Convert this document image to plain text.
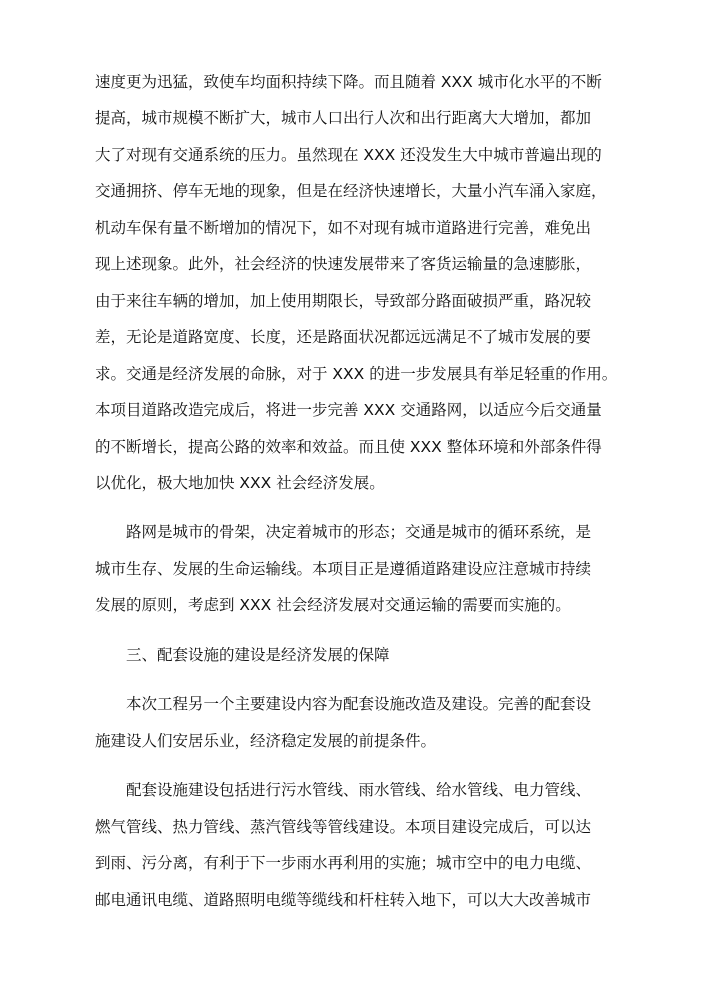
速度更为迅猛，致使车均面积持续下降。而且随着 XXX 城市化水平的不断
提高，城市规模不断扩大，城市人口出行人次和出行距离大大增加，都加
大了对现有交通系统的压力。虽然现在 XXX 还没发生大中城市普遍出现的
交通拥挤、停车无地的现象，但是在经济快速增长，大量小汽车涌入家庭，
机动车保有量不断增加的情况下，如不对现有城市道路进行完善，难免出
现上述现象。此外，社会经济的快速发展带来了客货运输量的急速膨胀，
由于来往车辆的增加，加上使用期限长，导致部分路面破损严重，路况较
差，无论是道路宽度、长度，还是路面状况都远远满足不了城市发展的要
求。交通是经济发展的命脉，对于 XXX 的进一步发展具有举足轻重的作用。
本项目道路改造完成后，将进一步完善 XXX 交通路网，以适应今后交通量
的不断增长，提高公路的效率和效益。而且使 XXX 整体环境和外部条件得
以优化，极大地加快 XXX 社会经济发展。
路网是城市的骨架，决定着城市的形态；交通是城市的循环系统，是
城市生存、发展的生命运输线。本项目正是遵循道路建设应注意城市持续
发展的原则，考虑到 XXX 社会经济发展对交通运输的需要而实施的。
三、配套设施的建设是经济发展的保障
本次工程另一个主要建设内容为配套设施改造及建设。完善的配套设
施建设人们安居乐业，经济稳定发展的前提条件。
配套设施建设包括进行污水管线、雨水管线、给水管线、电力管线、
燃气管线、热力管线、蒸汽管线等管线建设。本项目建设完成后，可以达
到雨、污分离，有利于下一步雨水再利用的实施；城市空中的电力电缆、
邮电通讯电缆、道路照明电缆等缆线和杆柱转入地下，可以大大改善城市
